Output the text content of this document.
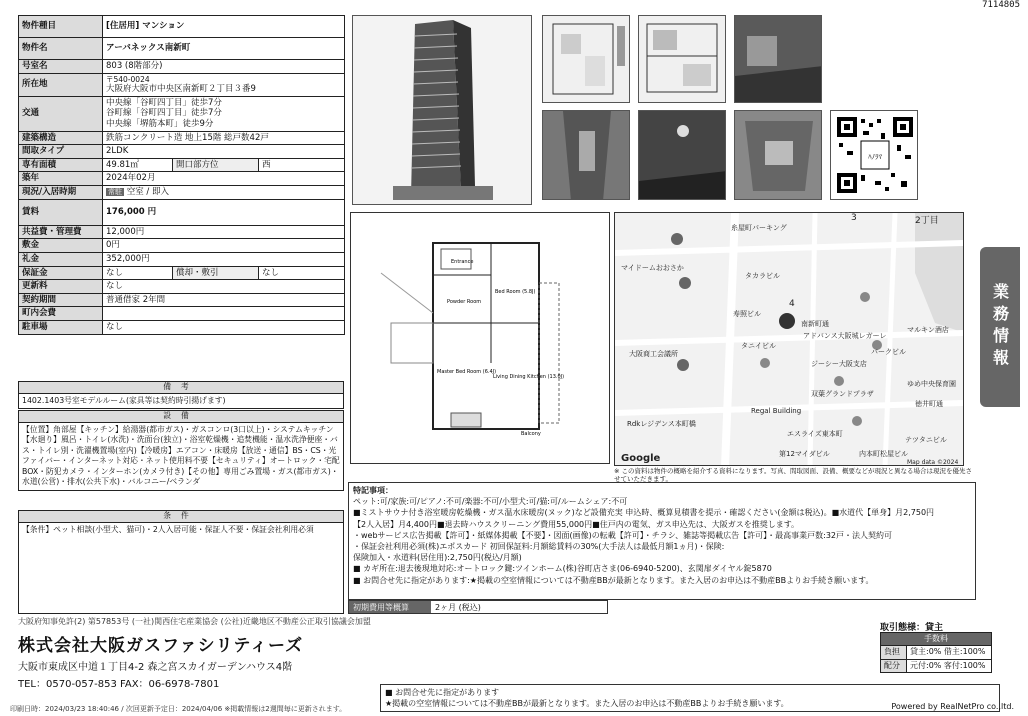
7114805
物件種目	[住居用] マンション		
物件名	アーバネックス南新町		
号室名	803 (8階部分)		
所在地	〒540-0024
大阪府大阪市中央区南新町２丁目３番9		

交通	中央線「谷町四丁目」徒歩7分
谷町線「谷町四丁目」徒歩7分
中央線「堺筋本町」徒歩9分		

建築構造	鉄筋コンクリート造 地上15階 総戸数42戸		
間取タイプ	2LDK		
専有面積	49.81㎡	開口部方位	西
築年	2024年02月		
現況/入居時期	常駐 空室 / 即入		
賃料	176,000 円		
共益費・管理費	12,000円		
敷金	0円		
礼金	352,000円		
保証金	なし	償却・敷引	なし
更新料	なし		
契約期間	普通借家 2年間		
町内会費			
駐車場	なし		
備考
1402.1403号室モデルルーム(家具等は契約時引揚げます)
設備
【位置】角部屋【キッチン】給湯器(都市ガス)・ガスコンロ(3口以上)・システムキッチン【水廻り】風呂・トイレ(水洗)・洗面台(独立)・浴室乾燥機・追焚機能・温水洗浄便座・バス・トイレ別・洗濯機置場(室内)【冷暖房】エアコン・床暖房【放送・通信】BS・CS・光ファイバー・インターネット対応・ネット使用料不要【セキュリティ】オートロック・宅配BOX・防犯カメラ・インターホン(カメラ付き)【その他】専用ごみ置場・ガス(都市ガス)・水道(公営)・排水(公共下水)・バルコニー/ベランダ
条件
【条件】ペット相談(小型犬、猫可)・2人入居可能・保証人不要・保証会社利用必須
ﾊﾉﾗﾏ
Entrance
Bed Room (5.8J)
Master Bed Room (6.4J)
Living Dining Kitchen (13.0J)
Powder Room
Balcony
糸屋町パーキング
マイドームおおさか
タカラビル
寿照ビル
南新町通
タニイビル
アドバンス大阪城レガーレ
大阪商工会議所
ジーシー大阪支店
パークビル
双葉グランドプラザ
ゆめ中央保育園
徳井町通
Regal Building
エスライズ東本町
テツタニビル
Rdkレジデンス本町橋
第12マイダビル	内本町松屋ビル
マルキン酒店
Google	Map data ©2024
3
4
2丁目
※ この資料は物件の概略を紹介する資料になります。写真、間取図面、設備、概要などが現況と異なる場合は現況を優先させていただきます。
業務情報
特記事項：
ペット:可/家族:可/ピアノ:不可/楽器:不可/小型犬:可/猫:可/ルームシェア:不可
■ミストサウナ付き浴室暖房乾燥機・ガス温水床暖房(ヌック)など設備充実 申込時、概算見積書を提示・確認ください(金額は税込)。■水道代【単身】月2,750円
【2人入居】月4,400円■退去時ハウスクリーニング費用55,000円■住戸内の電気、ガス申込先は、大阪ガスを推奨します。
・webサービス広告掲載【許可】・紙媒体掲載【不要】・図面(画像)の転載【許可】・チラシ、雑誌等掲載広告【許可】・最高事業戸数:32戸・法人契約可
・保証会社利用必須(株)エポスカード 初回保証料:月額総賃料の30%(大手法人は最低月額1ヵ月)・保険:
保険加入・水道料(居住用):2,750円(税込/月額)
■ カギ所在:退去後現地対応:オートロック鍵:ツインホーム(株)谷町店さま(06-6940-5200)、玄関扉ダイヤル錠5870
■ お問合せ先に指定があります:★掲載の空室情報については不動産BBが最新となります。また入居のお申込は不動産BBよりお手続き願います。
初期費用等概算	2ヶ月 (税込)
大阪府知事免許(2) 第57853号 (一社)関西住宅産業協会 (公社)近畿地区不動産公正取引協議会加盟
株式会社大阪ガスファシリティーズ
大阪市東成区中道１丁目4-2 森之宮スカイガーデンハウス4階
TEL：0570-057-853 FAX：06-6978-7801
取引態様：貸主
手数料	
負担	貸主:0% 借主:100%
配分	元付:0% 客付:100%
■ お問合せ先に指定があります
★掲載の空室情報については不動産BBが最新となります。また入居のお申込は不動産BBよりお手続き願います。
印刷日時：2024/03/23 18:40:46 / 次回更新予定日：2024/04/06 ※掲載情報は2週間毎に更新されます。	Powered by RealNetPro co.,ltd.
